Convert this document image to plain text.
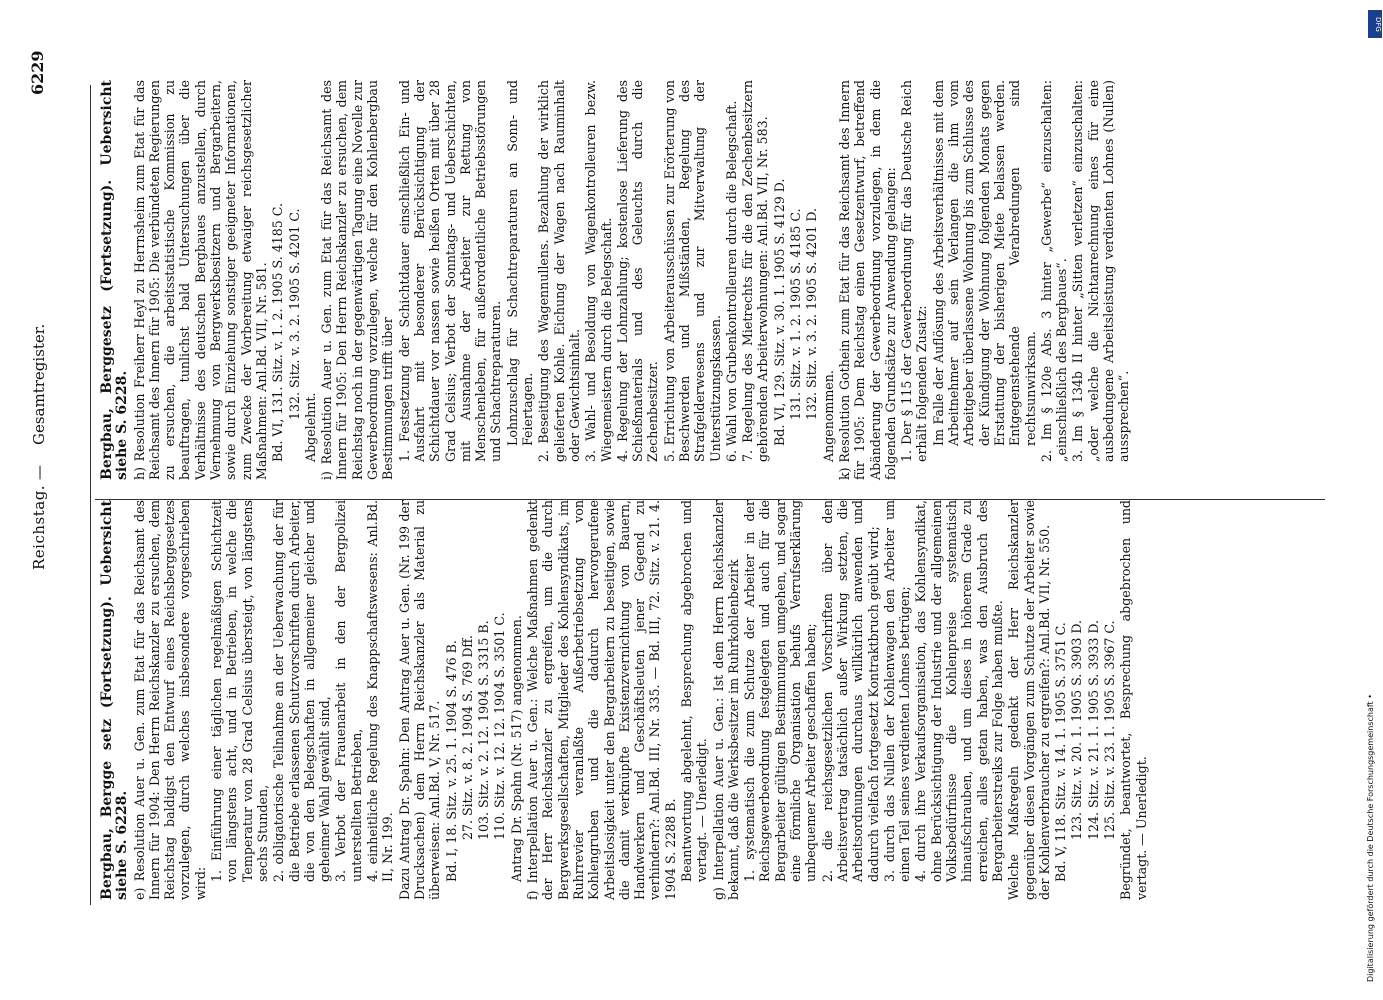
Reichstag.
—
Gesamtregister.
6229

Bergbau, Bergge setz (Fortsetzung). Uebersicht siehe S. 6228. e) Resolution Auer u. Gen. zum Etat für das Reichsamt des Innern für 1904: Den Herrn Reichskanzler zu ersuchen, dem Reichstag baldigst den Entwurf eines Reichsberggesetzes vorzulegen, durch welches insbesondere vorgeschrieben wird:

1. Einführung einer täglichen regelmäßigen Schichtzeit von längstens acht, und in Betrieben, in welche die Temperatur von 28 Grad Celsius übersteigt, von längstens sechs Stunden, 2. obligatorische Teilnahme an der Ueberwachung der für die Betriebe erlassenen Schutzvorschriften durch Arbeiter, die von den Belegschaften in allgemeiner gleicher und geheimer Wahl gewählt sind, 3. Verbot der Frauenarbeit in den der Bergpolizei unterstellten Betrieben, 4. einheitliche Regelung des Knappschaftswesens: Anl.Bd. II, Nr. 199. Dazu Antrag Dr. Spahn: Den Antrag Auer u. Gen. (Nr. 199 der Drucksachen) dem Herrn Reichskanzler als Material zu überweisen: Anl.Bd. V, Nr. 517. Bd. I, 18. Sitz. v. 25. 1. 1904 S. 476 B. 27. Sitz. v. 8. 2. 1904 S. 769 Dff. 103. Sitz. v. 2. 12. 1904 S. 3315 B. 110. Sitz. v. 12. 12. 1904 S. 3501 C. Antrag Dr. Spahn (Nr. 517) angenommen. f) Interpellation Auer u. Gen.: Welche Maßnahmen gedenkt der Herr Reichskanzler zu ergreifen, um die durch Bergwerksgesellschaften, Mitglieder des Kohlensyndikats, im Ruhrrevier veranlaßte Außerbetriebsetzung von Kohlengruben und die dadurch hervorgerufene Arbeitslosigkeit unter den Bergarbeitern zu beseitigen, sowie die damit verknüpfte Existenzvernichtung von Bauern, Handwerkern und Geschäftsleuten jener Gegend zu verhindern?: Anl.Bd. III, Nr. 335. — Bd. III, 72. Sitz. v. 21. 4. 1904 S. 2288 B. Beantwortung abgelehnt, Besprechung abgebrochen und vertagt. — Unerledigt. g) Interpellation Auer u. Gen.: Ist dem Herrn Reichskanzler bekannt, daß die Werksbesitzer im Ruhrkohlenbezirk 1. systematisch die zum Schutze der Arbeiter in der Reichsgewerbeordnung festgelegten und auch für die Bergarbeiter gültigen Bestimmungen umgehen, und sogar eine förmliche Organisation behufs Verrufserklärung unbequemer Arbeiter geschaffen haben; 2. die reichsgesetzlichen Vorschriften über den Arbeitsvertrag tatsächlich außer Wirkung setzten, die Arbeitsordnungen durchaus willkürlich anwenden und dadurch vielfach fortgesetzt Kontraktbruch geübt wird; 3. durch das Nullen der Kohlenwagen den Arbeiter um einen Teil seines verdienten Lohnes betrügen; 4. durch ihre Verkaufsorganisation, das Kohlensyndikat, ohne Berücksichtigung der Industrie und der allgemeinen Volksbedürfnisse die Kohlenpreise systematisch hinaufschrauben, und um dieses in höherem Grade zu erreichen, alles getan haben, was den Ausbruch des Bergarbeiterstreiks zur Folge haben mußte. Welche Maßregeln gedenkt der Herr Reichskanzler gegenüber diesen Vorgängen zum Schutze der Arbeiter sowie der Kohlenverbraucher zu ergreifen?: Anl.Bd. VII, Nr. 550. Bd. V, 118. Sitz. v. 14. 1. 1905 S. 3751 C. 123. Sitz. v. 20. 1. 1905 S. 3903 D. 124. Sitz. v. 21. 1. 1905 S. 3933 D. 125. Sitz. v. 23. 1. 1905 S. 3967 C. Begründet, beantwortet, Besprechung abgebrochen und vertagt. — Unerledigt.

Bergbau, Berggesetz (Fortsetzung). Uebersicht siehe S. 6228. h) Resolution Freiherr Heyl zu Herrnsheim zum Etat für das Reichsamt des Innern für 1905: Die verbündeten Regierungen zu ersuchen, die arbeitsstatistische Kommission zu beauftragen, tunlichst bald Untersuchungen über die Verhältnisse des deutschen Bergbaues anzustellen, durch Vernehmung von Bergwerksbesitzern und Bergarbeitern, sowie durch Einziehung sonstiger geeigneter Informationen, zum Zwecke der Vorbereitung etwaiger reichsgesetzlicher Maßnahmen: Anl.Bd. VII, Nr. 581. Bd. VI, 131. Sitz. v. 1. 2. 1905 S. 4185 C. 132. Sitz. v. 3. 2. 1905 S. 4201 C.

Abgelehnt. i) Resolution Auer u. Gen. zum Etat für das Reichsamt des Innern für 1905: Den Herrn Reichskanzler zu ersuchen, dem Reichstag noch in der gegenwärtigen Tagung eine Novelle zur Gewerbeordnung vorzulegen, welche für den Kohlenbergbau Bestimmungen trifft über 1. Festsetzung der Schichtdauer einschließlich Ein- und Ausfahrt mit besonderer Berücksichtigung der Schichtdauer vor nassen sowie heißen Orten mit über 28 Grad Celsius; Verbot der Sonntags- und Ueberschichten, mit Ausnahme der Arbeiter zur Rettung von Menschenleben, für außerordentliche Betriebsstörungen und Schachtreparaturen. Lohnzuschlag für Schachtreparaturen an Sonn- und Feiertagen. 2. Beseitigung des Wagennullens. Bezahlung der wirklich gelieferten Kohle. Eichung der Wagen nach Rauminhalt oder Gewichtsinhalt. 3. Wahl- und Besoldung von Wagenkontrolleuren bezw. Wiegemeistern durch die Belegschaft. 4. Regelung der Lohnzahlung; kostenlose Lieferung des Schießmaterials und des Geleuchts durch die Zechenbesitzer. 5. Errichtung von Arbeiterausschüssen zur Erörterung von Beschwerden und Mißständen, Regelung des Strafgelderwesens und zur Mitverwaltung der Unterstützungskassen. 6. Wahl von Grubenkontrolleuren durch die Belegschaft. 7. Regelung des Mietrechts für die den Zechenbesitzern gehörenden Arbeiterwohnungen: Anl.Bd. VII, Nr. 583. Bd. VI, 129. Sitz. v. 30. 1. 1905 S. 4129 D. 131. Sitz. v. 1. 2. 1905 S. 4185 C. 132. Sitz. v. 3. 2. 1905 S. 4201 D. Angenommen. k) Resolution Gothein zum Etat für das Reichsamt des Innern für 1905: Dem Reichstag einen Gesetzentwurf, betreffend Abänderung der Gewerbeordnung vorzulegen, in dem die folgenden Grundsätze zur Anwendung gelangen: 1. Der § 115 der Gewerbeordnung für das Deutsche Reich erhält folgenden Zusatz: Im Falle der Auflösung des Arbeitsverhältnisses mit dem Arbeitnehmer auf sein Verlangen die ihm vom Arbeitgeber überlassene Wohnung bis zum Schlusse des der Kündigung der Wohnung folgenden Monats gegen Erstattung der bisherigen Miete belassen werden. Entgegenstehende Verabredungen sind rechtsunwirksam. 2. Im § 120e Abs. 3 hinter „Gewerbe“ einzuschalten: „einschließlich des Bergbaues“. 3. Im § 134b II hinter „Sitten verletzen“ einzuschalten: „oder welche die Nichtanrechnung eines für eine ausbedungene Arbeitsleistung verdienten Lohnes (Nullen) aussprechen“.

DFG
Digitalisierung gefördert durch die Deutsche Forschungsgemeinschaft •
